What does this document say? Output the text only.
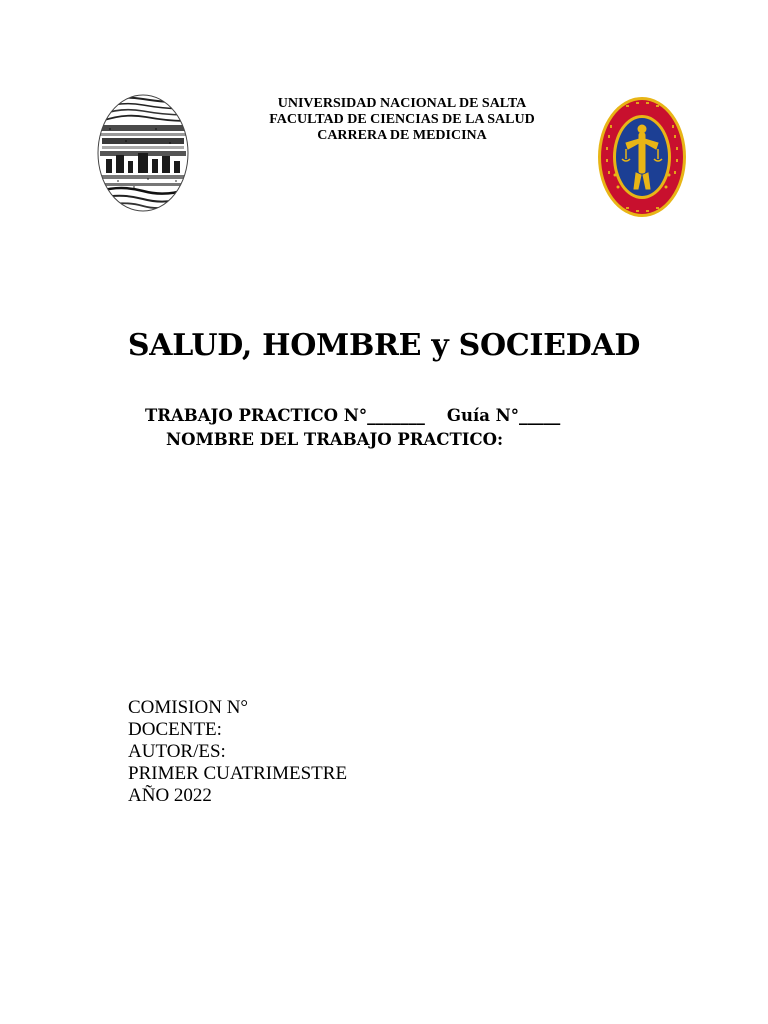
UNIVERSIDAD NACIONAL DE SALTA
FACULTAD DE CIENCIAS DE LA SALUD
CARRERA DE MEDICINA
SALUD, HOMBRE y SOCIEDAD
TRABAJO PRACTICO N°_______ Guía N°_____
NOMBRE DEL TRABAJO PRACTICO:
COMISION N°
DOCENTE:
AUTOR/ES:
PRIMER CUATRIMESTRE
AÑO 2022
